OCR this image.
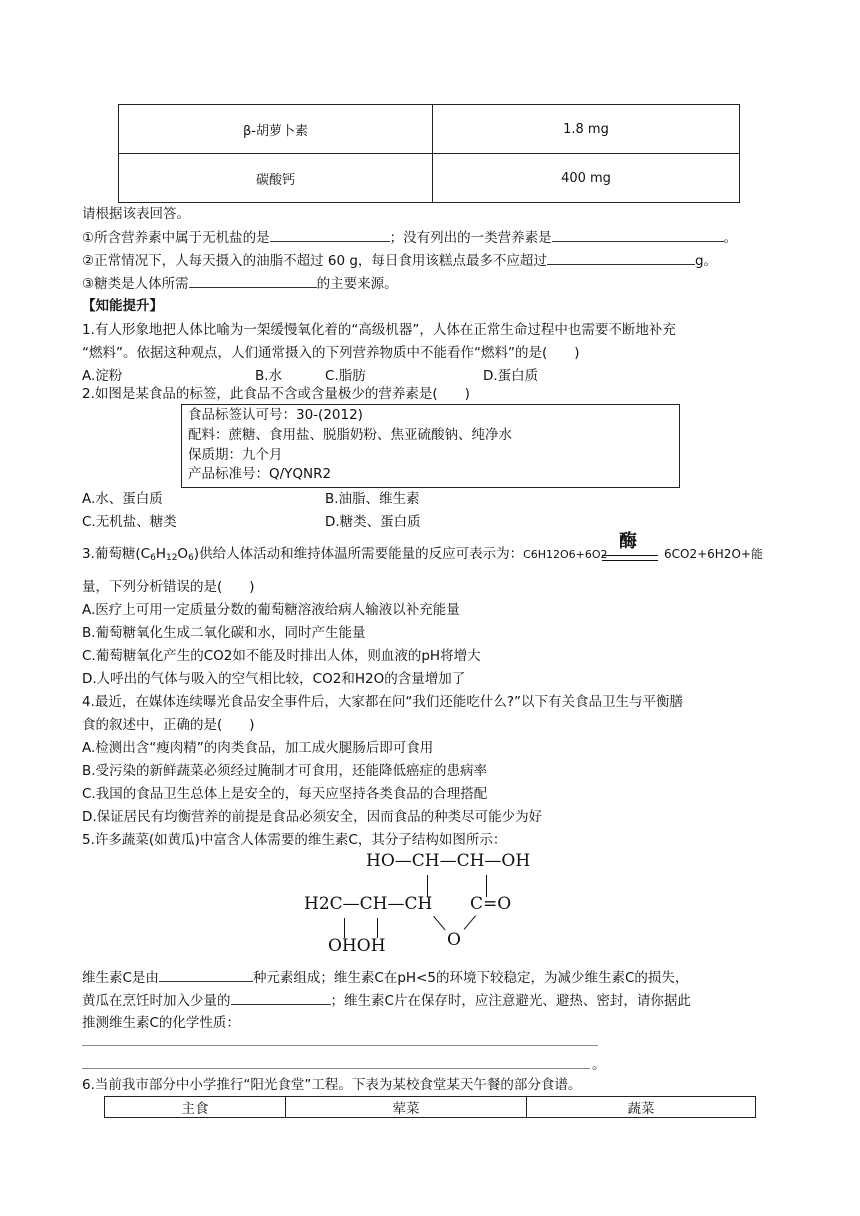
β-胡萝卜素	1.8 mg
碳酸钙	400 mg
请根据该表回答。
①所含营养素中属于无机盐的是	；没有列出的一类营养素是	。
②正常情况下，人每天摄入的油脂不超过 60 g，每日食用该糕点最多不应超过	g。
③糖类是人体所需	的主要来源。
【知能提升】
1.有人形象地把人体比喻为一架缓慢氧化着的“高级机器”，人体在正常生命过程中也需要不断地补充
“燃料”。依据这种观点，人们通常摄入的下列营养物质中不能看作“燃料”的是(　　)
A.淀粉	B.水	C.脂肪	D.蛋白质
2.如图是某食品的标签，此食品不含或含量极少的营养素是(　　)
食品标签认可号：30-(2012)
配料：蔗糖、食用盐、脱脂奶粉、焦亚硫酸钠、纯净水
保质期：九个月
产品标准号：Q/YQNR2
A.水、蛋白质	B.油脂、维生素
C.无机盐、糖类	D.糖类、蛋白质
3.葡萄糖$(C_6H_{12}O_6)$供给人体活动和维持体温所需要能量的反应可表示为：C6H12O6+6O2
酶
6CO2+6H2O+能
量，下列分析错误的是(　　)
A.医疗上可用一定质量分数的葡萄糖溶液给病人输液以补充能量
B.葡萄糖氧化生成二氧化碳和水，同时产生能量
C.葡萄糖氧化产生的CO2如不能及时排出人体，则血液的pH将增大
D.人呼出的气体与吸入的空气相比较，CO2和H2O的含量增加了
4.最近，在媒体连续曝光食品安全事件后，大家都在问“我们还能吃什么?”以下有关食品卫生与平衡膳
食的叙述中，正确的是(　　)
A.检测出含“瘦肉精”的肉类食品，加工成火腿肠后即可食用
B.受污染的新鲜蔬菜必须经过腌制才可食用，还能降低癌症的患病率
C.我国的食品卫生总体上是安全的，每天应坚持各类食品的合理搭配
D.保证居民有均衡营养的前提是食品必须安全，因而食品的种类尽可能少为好
5.许多蔬菜(如黄瓜)中富含人体需要的维生素C，其分子结构如图所示：
HO—CH—CH—OH
H2C—CH—CH C=O
OHOH	O
维生素C是由	种元素组成；维生素C在pH<5的环境下较稳定，为减少维生素C的损失，
黄瓜在烹饪时加入少量的	；维生素C片在保存时，应注意避光、避热、密封，请你据此
推测维生素C的化学性质：
。
6.当前我市部分中小学推行“阳光食堂”工程。下表为某校食堂某天午餐的部分食谱。
主食	荤菜	蔬菜
